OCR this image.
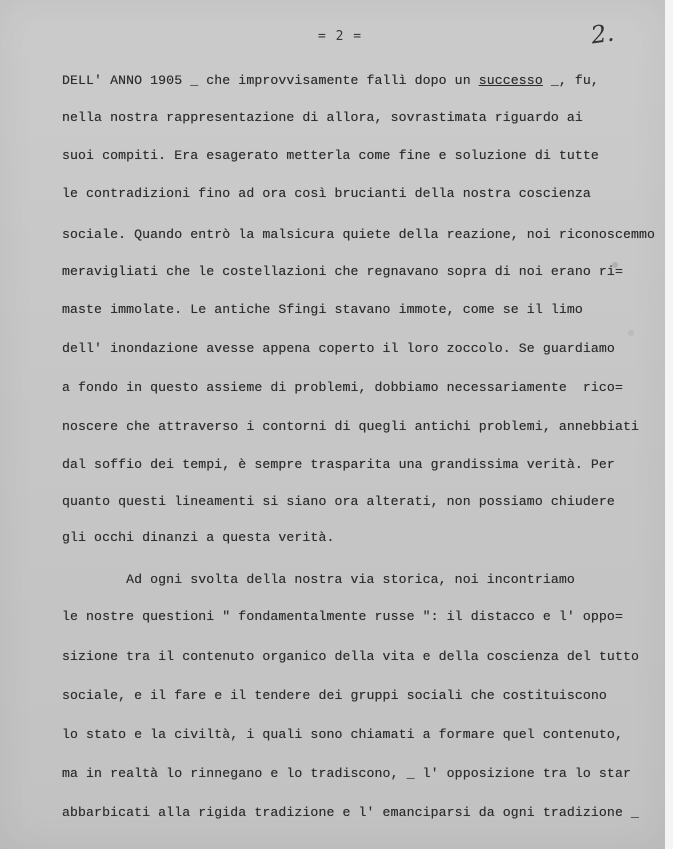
= 2 =	2.
DELL' ANNO 1905 _ che improvvisamente fallì dopo un successo _, fu,
nella nostra rappresentazione di allora, sovrastimata riguardo ai
suoi compiti. Era esagerato metterla come fine e soluzione di tutte
le contradizioni fino ad ora così brucianti della nostra coscienza
sociale. Quando entrò la malsicura quiete della reazione, noi riconoscemmo
meravigliati che le costellazioni che regnavano sopra di noi erano ri=
maste immolate. Le antiche Sfingi stavano immote, come se il limo
dell' inondazione avesse appena coperto il loro zoccolo. Se guardiamo
a fondo in questo assieme di problemi, dobbiamo necessariamente  rico=
noscere che attraverso i contorni di quegli antichi problemi, annebbiati
dal soffio dei tempi, è sempre trasparita una grandissima verità. Per
quanto questi lineamenti si siano ora alterati, non possiamo chiudere
gli occhi dinanzi a questa verità.
Ad ogni svolta della nostra via storica, noi incontriamo
le nostre questioni " fondamentalmente russe ": il distacco e l' oppo=
sizione tra il contenuto organico della vita e della coscienza del tutto
sociale, e il fare e il tendere dei gruppi sociali che costituiscono
lo stato e la civiltà, i quali sono chiamati a formare quel contenuto,
ma in realtà lo rinnegano e lo tradiscono, _ l' opposizione tra lo star
abbarbicati alla rigida tradizione e l' emanciparsi da ogni tradizione _
